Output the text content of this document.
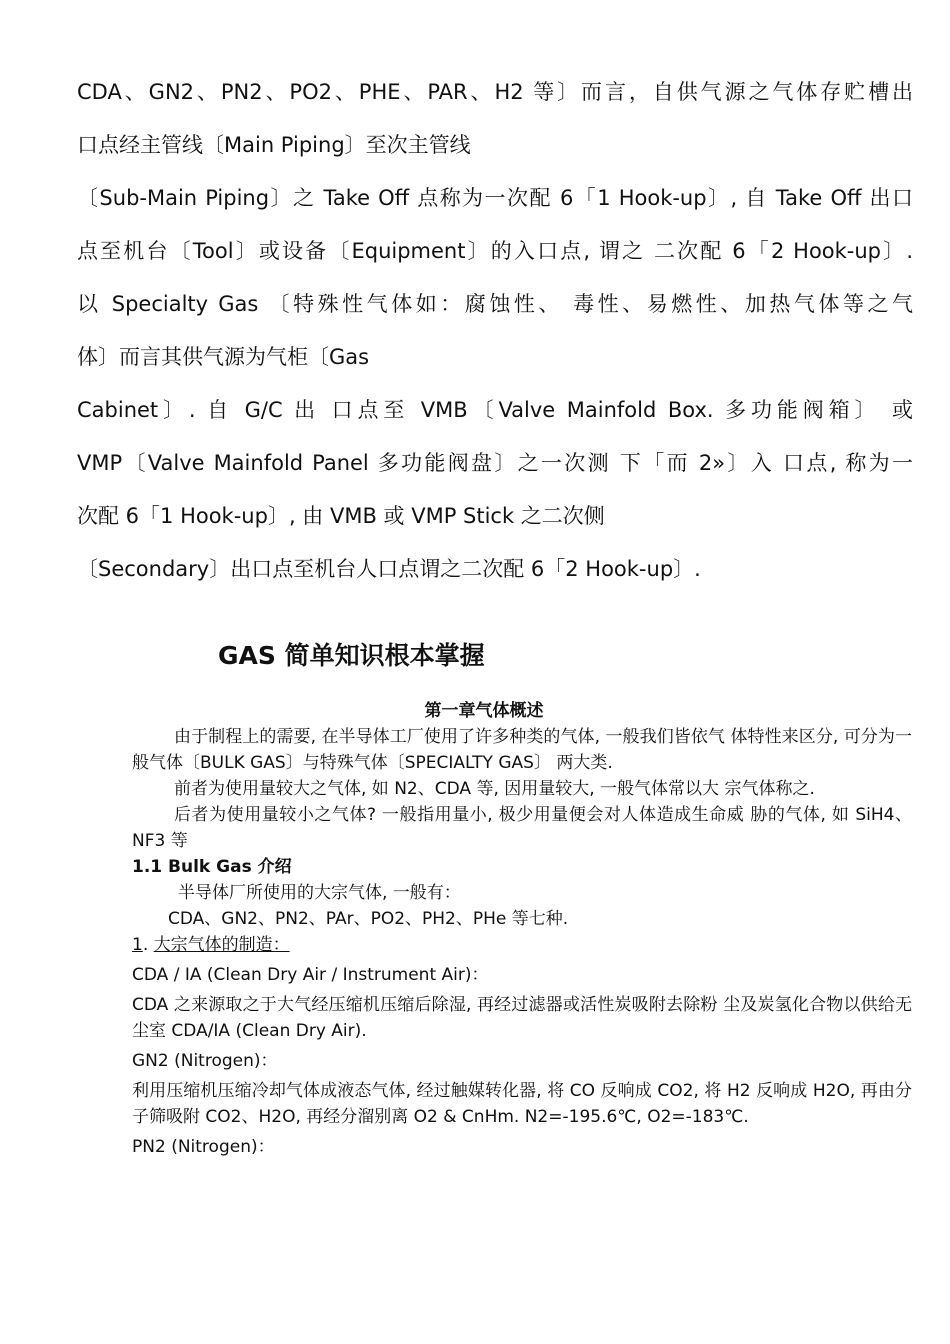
CDA、GN2、PN2、PO2、PHE、PAR、H2 等〕而言，自供气源之气体存贮槽出
口点经主管线〔Main Piping〕至次主管线
〔Sub-Main Piping〕之 Take Off 点称为一次配 6「1 Hook-up〕, 自 Take Off 出口
点至机台〔Tool〕或设备〔Equipment〕的入口点, 谓之 二次配 6「2 Hook-up〕.
以 Specialty Gas 〔特殊性气体如：腐蚀性、 毒性、易燃性、加热气体等之气
体〕而言其供气源为气柜〔Gas
Cabinet〕. 自 G/C 出 口点至 VMB〔Valve Mainfold Box. 多功能阀箱〕 或
VMP〔Valve Mainfold Panel 多功能阀盘〕之一次测 下「而 2»〕入 口点, 称为一
次配 6「1 Hook-up〕, 由 VMB 或 VMP Stick 之二次侧
〔Secondary〕出口点至机台人口点谓之二次配 6「2 Hook-up〕.
GAS 简单知识根本掌握
第一章气体概述
由于制程上的需要, 在半导体工厂使用了许多种类的气体, 一般我们皆依气 体特性来区分, 可分为一般气体〔BULK GAS〕与特殊气体〔SPECIALTY GAS〕 两大类.
前者为使用量较大之气体, 如 N2、CDA 等, 因用量较大, 一般气体常以大 宗气体称之.
后者为使用量较小之气体? 一般指用量小, 极少用量便会对人体造成生命威 胁的气体, 如 SiH4、NF3 等
1.1 Bulk Gas 介绍
半导体厂所使用的大宗气体, 一般有：
CDA、GN2、PN2、PAr、PO2、PH2、PHe 等七种.
1. 大宗气体的制造：
CDA / IA (Clean Dry Air / Instrument Air)：
CDA 之来源取之于大气经压缩机压缩后除湿, 再经过滤器或活性炭吸附去除粉 尘及炭氢化合物以供给无尘室 CDA/IA (Clean Dry Air).
GN2 (Nitrogen)：
利用压缩机压缩冷却气体成液态气体, 经过触媒转化器, 将 CO 反响成 CO2, 将 H2 反响成 H2O, 再由分子筛吸附 CO2、H2O, 再经分溜别离 O2 & CnHm. N2=-195.6℃, O2=-183℃.
PN2 (Nitrogen)：
